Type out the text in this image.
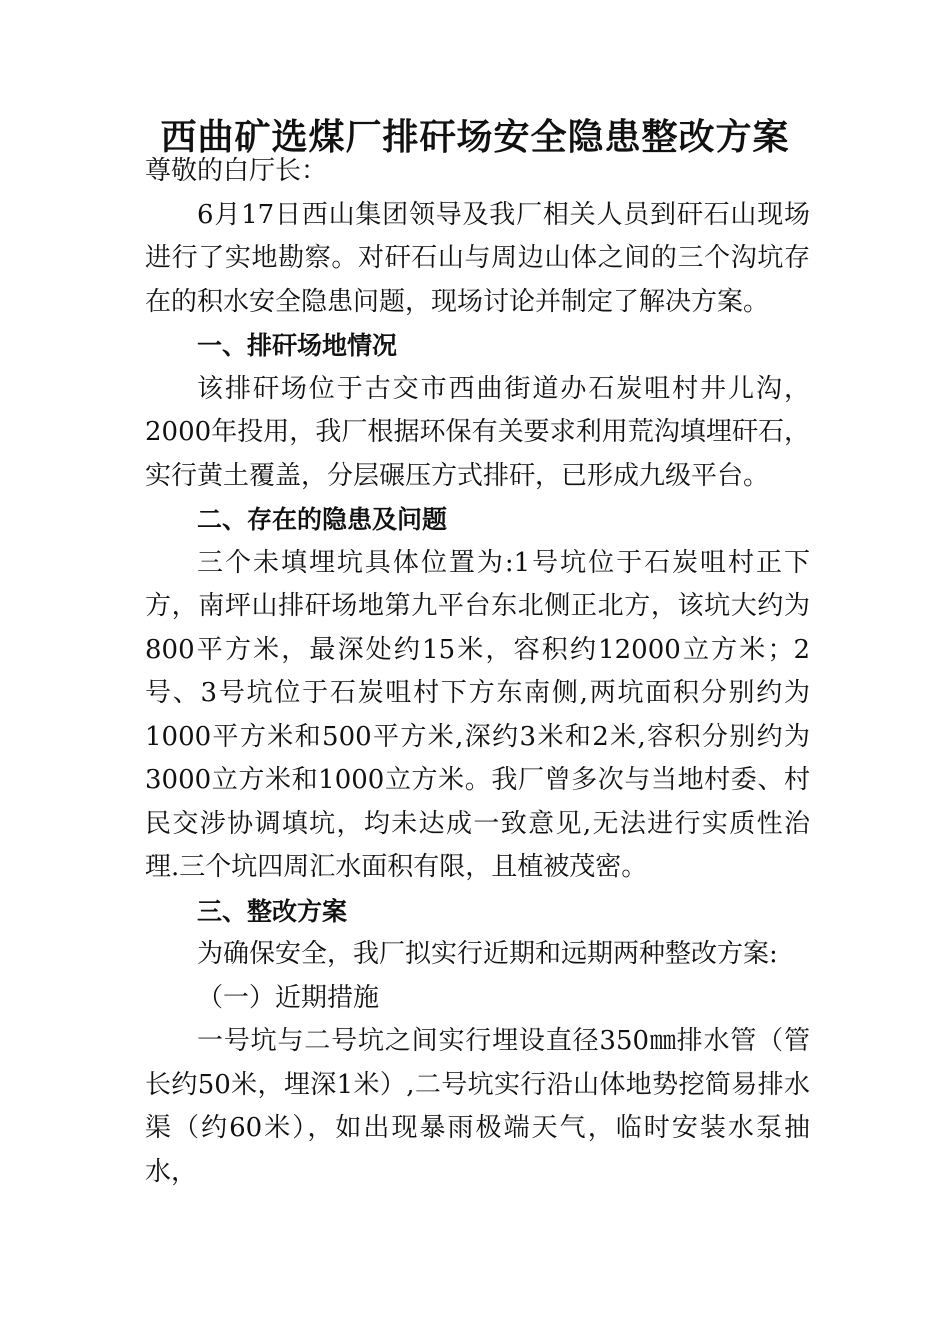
西曲矿选煤厂排矸场安全隐患整改方案

尊敬的白厅长：

6月17日西山集团领导及我厂相关人员到矸石山现场进行了实地勘察。对矸石山与周边山体之间的三个沟坑存在的积水安全隐患问题，现场讨论并制定了解决方案。

一、排矸场地情况

该排矸场位于古交市西曲街道办石炭咀村井儿沟，2000年投用，我厂根据环保有关要求利用荒沟填埋矸石，实行黄土覆盖，分层碾压方式排矸，已形成九级平台。

二、存在的隐患及问题

三个未填埋坑具体位置为:1号坑位于石炭咀村正下方，南坪山排矸场地第九平台东北侧正北方，该坑大约为800平方米，最深处约15米，容积约12000立方米；2号、3号坑位于石炭咀村下方东南侧,两坑面积分别约为1000平方米和500平方米,深约3米和2米,容积分别约为3000立方米和1000立方米。我厂曾多次与当地村委、村民交涉协调填坑，均未达成一致意见,无法进行实质性治理.三个坑四周汇水面积有限，且植被茂密。

三、整改方案

为确保安全，我厂拟实行近期和远期两种整改方案:

（一）近期措施

一号坑与二号坑之间实行埋设直径350㎜排水管（管长约50米，埋深1米）,二号坑实行沿山体地势挖简易排水渠（约60米），如出现暴雨极端天气，临时安装水泵抽水，
